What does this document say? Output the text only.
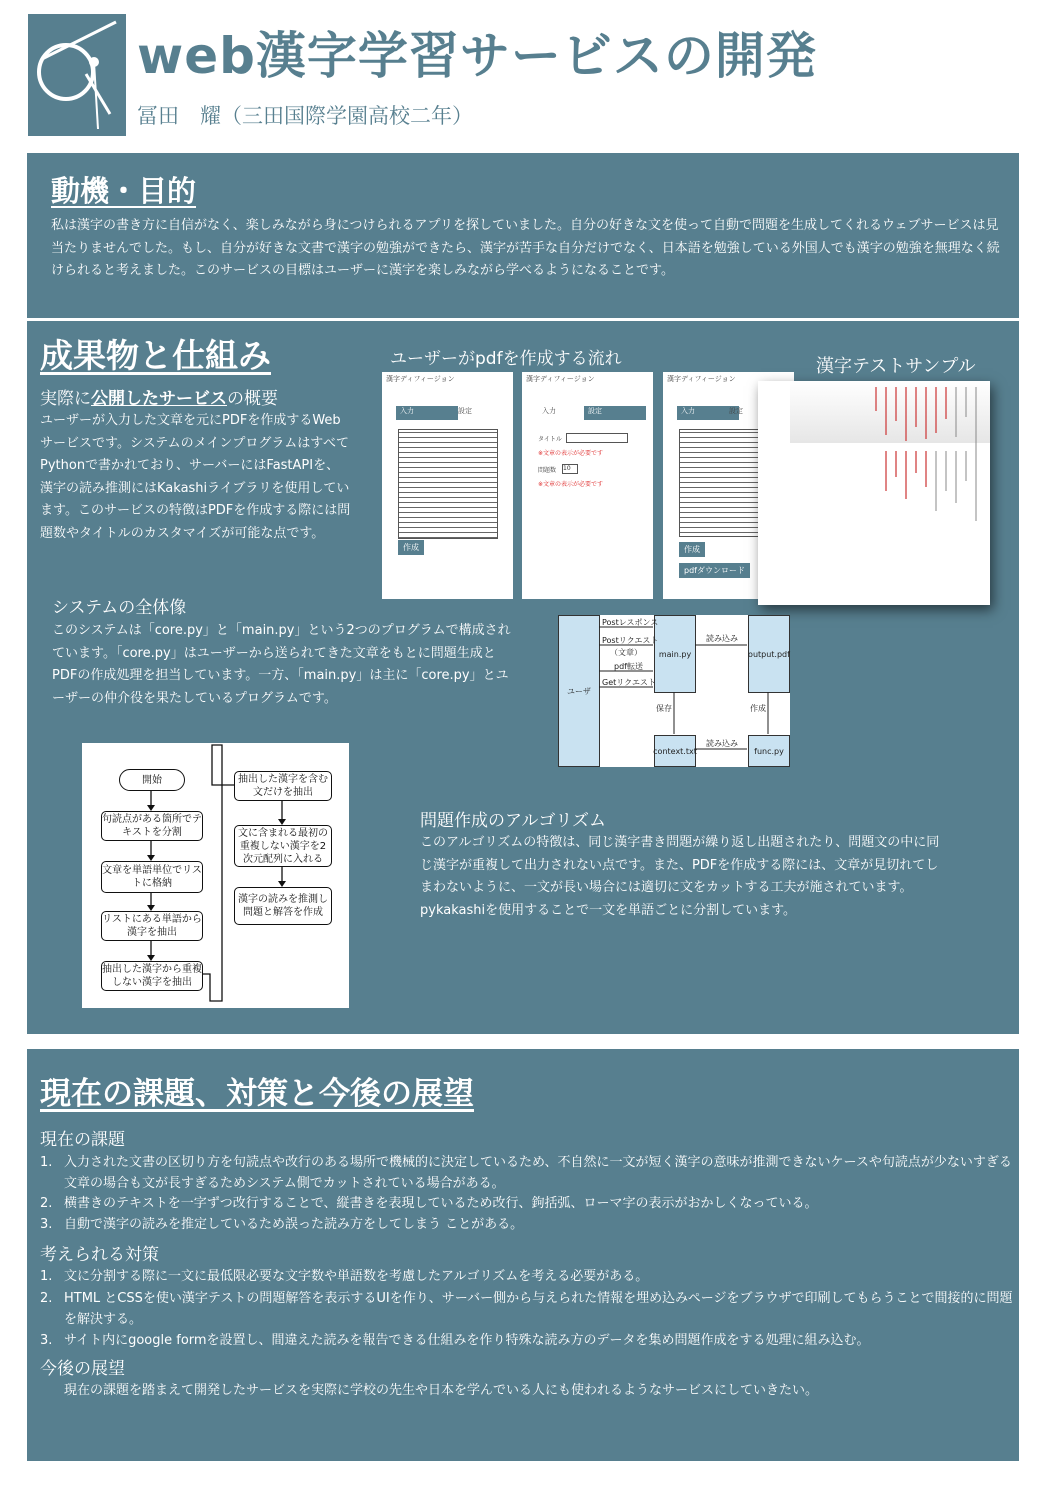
web漢字学習サービスの開発
冨田　耀（三田国際学園高校二年）
動機・目的
私は漢字の書き方に自信がなく、楽しみながら身につけられるアプリを探していました。自分の好きな文を使って自動で問題を生成してくれるウェブサービスは見当たりませんでした。もし、自分が好きな文書で漢字の勉強ができたら、漢字が苦手な自分だけでなく、日本語を勉強している外国人でも漢字の勉強を無理なく続けられると考えました。このサービスの目標はユーザーに漢字を楽しみながら学べるようになることです。
成果物と仕組み
実際に公開したサービスの概要
ユーザーが入力した文章を元にPDFを作成するWebサービスです。システムのメインプログラムはすべてPythonで書かれており、サーバーにはFastAPIを、漢字の読み推測にはKakashiライブラリを使用しています。このサービスの特徴はPDFを作成する際には問題数やタイトルのカスタマイズが可能な点です。
ユーザーがpdfを作成する流れ	漢字テストサンプル
漢字ディフィージョン
入力	設定
作成
漢字ディフィージョン
入力	設定
タイトル
※文章の表示が必要です
問題数 10
※文章の表示が必要です
漢字ディフィージョン
入力	設定
作成
pdfダウンロード
システムの全体像
このシステムは「core.py」と「main.py」という2つのプログラムで構成されています。「core.py」はユーザーから送られてきた文章をもとに問題生成とPDFの作成処理を担当しています。一方、「main.py」は主に「core.py」とユーザーの仲介役を果たしているプログラムです。	ユーザ
main.py	output.pdf
context.txt	func.py
Postレスポンス
Postリクエスト
（文章）
pdf転送
Getリクエスト
読み込み
保存	作成
読み込み
開始
句読点がある箇所でテキストを分割
文章を単語単位でリストに格納
リストにある単語から漢字を抽出
抽出した漢字から重複しない漢字を抽出
抽出した漢字を含む文だけを抽出
文に含まれる最初の重複しない漢字を2次元配列に入れる
漢字の読みを推測し問題と解答を作成
問題作成のアルゴリズム
このアルゴリズムの特徴は、同じ漢字書き問題が繰り返し出題されたり、問題文の中に同じ漢字が重複して出力されない点です。また、PDFを作成する際には、文章が見切れてしまわないように、一文が長い場合には適切に文をカットする工夫が施されています。pykakashiを使用することで一文を単語ごとに分割しています。
現在の課題、対策と今後の展望
現在の課題
1. 入力された文書の区切り方を句読点や改行のある場所で機械的に決定しているため、不自然に一文が短く漢字の意味が推測できないケースや句読点が少ないすぎる文章の場合も文が長すぎるためシステム側でカットされている場合がある。
2. 横書きのテキストを一字ずつ改行することで、縦書きを表現しているため改行、鉤括弧、ローマ字の表示がおかしくなっている。
3. 自動で漢字の読みを推定しているため誤った読み方をしてしまう ことがある。
考えられる対策
1. 文に分割する際に一文に最低限必要な文字数や単語数を考慮したアルゴリズムを考える必要がある。
2. HTML とCSSを使い漢字テストの問題解答を表示するUIを作り、サーバー側から与えられた情報を埋め込みページをブラウザで印刷してもらうことで間接的に問題を解決する。
3. サイト内にgoogle formを設置し、間違えた読みを報告できる仕組みを作り特殊な読み方のデータを集め問題作成をする処理に組み込む。
今後の展望
現在の課題を踏まえて開発したサービスを実際に学校の先生や日本を学んでいる人にも使われるようなサービスにしていきたい。
